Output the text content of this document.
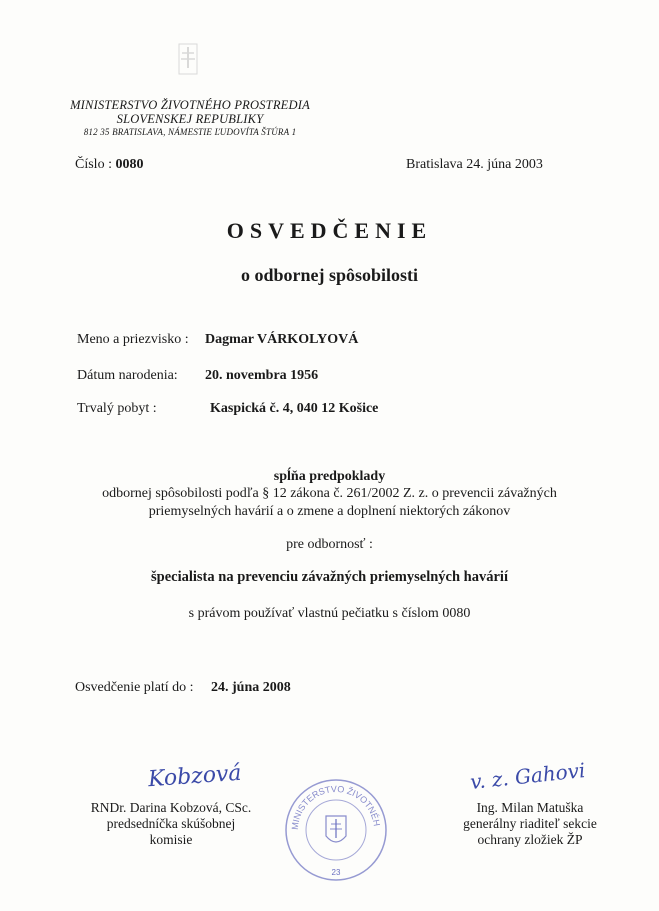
MINISTERSTVO ŽIVOTNÉHO PROSTREDIA
SLOVENSKEJ REPUBLIKY
812 35 BRATISLAVA, NÁMESTIE ĽUDOVÍTA ŠTÚRA 1
Číslo : 0080	Bratislava 24. júna 2003
OSVEDČENIE
o odbornej spôsobilosti
Meno a priezvisko : Dagmar VÁRKOLYOVÁ
Dátum narodenia: 20. novembra 1956
Trvalý pobyt :	Kaspická č. 4, 040 12 Košice
spĺňa predpoklady
odbornej spôsobilosti podľa § 12 zákona č. 261/2002 Z. z. o prevencii závažných
priemyselných havárií a o zmene a doplnení niektorých zákonov
pre odbornosť :
špecialista na prevenciu závažných priemyselných havárií
s právom používať vlastnú pečiatku s číslom 0080
Osvedčenie platí do : 24. júna 2008
Kobzová
RNDr. Darina Kobzová, CSc.
predsedníčka skúšobnej
komisie
MINISTERSTVO ŽIVOTNÉH
23
v. z. Gahovi
Ing. Milan Matuška
generálny riaditeľ sekcie
ochrany zložiek ŽP
